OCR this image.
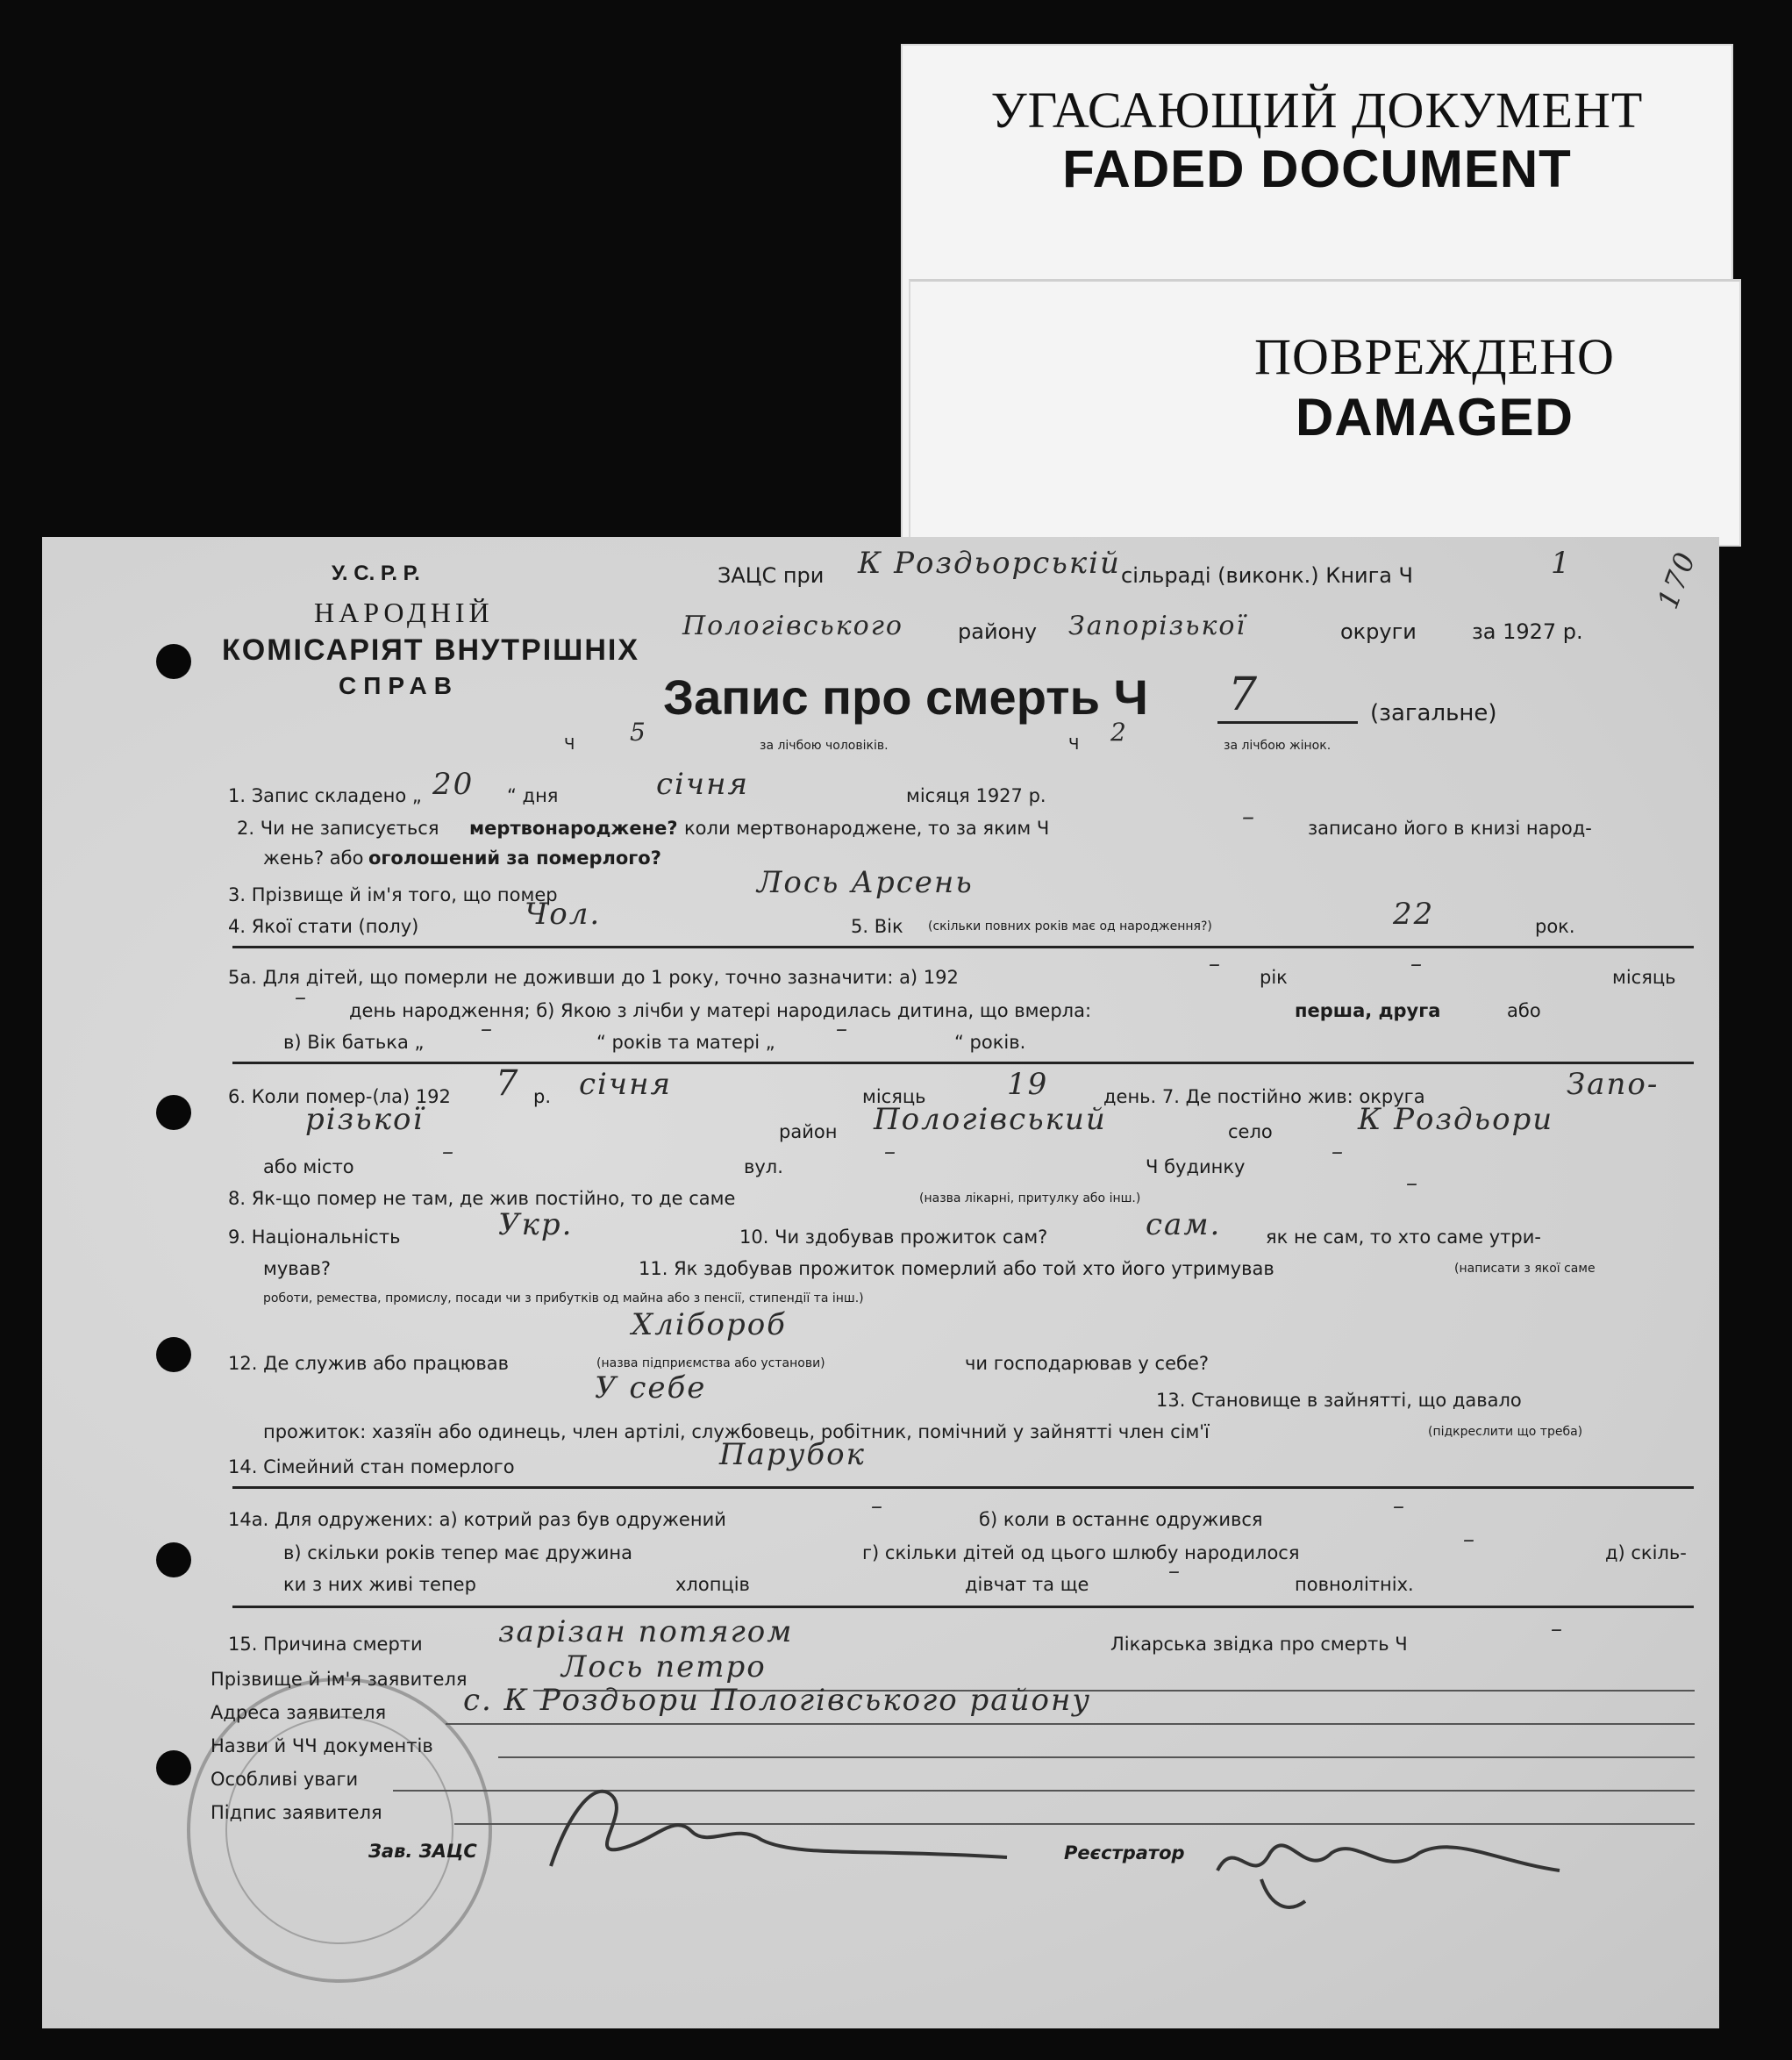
УГАСАЮЩИЙ ДОКУМЕНТ
FADED DOCUMENT
ПОВРЕЖДЕНО
DAMAGED
У. С. Р. Р.
НАРОДНІЙ
КОМІСАРІЯТ ВНУТРІШНІХ
СПРАВ
ЗАЦС при К Роздьорській сільраді (виконк.) Книга Ч	1
Пологівського	району Запорізької	округи	за 1927 р.
170
Запис про смерть Ч 7	(загальне)
Ч 5	за лічбою чоловіків.	Ч 2	за лічбою жінок.
1. Запис складено „ 20 “ дня	січня	місяця 1927 р.
2. Чи не записується мертвонароджене? коли мертвонароджене, то за яким Ч	–	записано його в книзі народ-
жень? або оголошений за померлого?
3. Прізвище й ім'я того, що помер	Лось Арсень
4. Якої стати (полу)	Чол.	5. Вік (скільки повних років має од народження?)	22	рок.
5а. Для дітей, що померли не доживши до 1 року, точно зазначити: а) 192	– рік	–	місяць
– день народження; б) Якою з лічби у матері народилась дитина, що вмерла:	перша, друга	або
в) Вік батька „ –	“ років та матері „	–	“ років.
6. Коли помер-(ла) 192 7 р. січня	місяць	19	день. 7. Де постійно жив: округа	Запо-
різької	район Пологівський	село	К Роздьори
або місто
–
вул.
–
Ч будинку
–
8. Як-що помер не там, де жив постійно, то де саме	(назва лікарні, притулку або інш.)
–
9. Національність	Укр.	10. Чи здобував прожиток сам?	сам. як не сам, то хто саме утри-
мував?	11. Як здобував прожиток померлий або той хто його утримував	(написати з якої саме
роботи, ремества, промислу, посади чи з прибутків од майна або з пенсії, стипендії та інш.)
Хлібороб
12. Де служив або працював	(назва підприємства або установи)	чи господарював у себе?
У себе	13. Становище в зайнятті, що давало
прожиток: хазяїн або одинець, член артілі, службовець, робітник, помічний у зайнятті член сім'ї	(підкреслити що треба)
14. Сімейний стан померлого	Парубок
14а. Для одружених: а) котрий раз був одружений	–	б) коли в останнє одружився	–
в) скільки років тепер має дружина	г) скільки дітей од цього шлюбу народилося	–	д) скіль-
ки з них живі тепер	хлопців	дівчат та ще	–	повнолітніх.
15. Причина смерти	зарізан потягом	Лікарська звідка про смерть Ч
–
Прізвище й ім'я заявителя	Лось петро
Адреса заявителя	с. К Роздьори Пологівського району
Назви й ЧЧ документів
Особливі уваги
Підпис заявителя
Зав. ЗАЦС	Реєстратор
